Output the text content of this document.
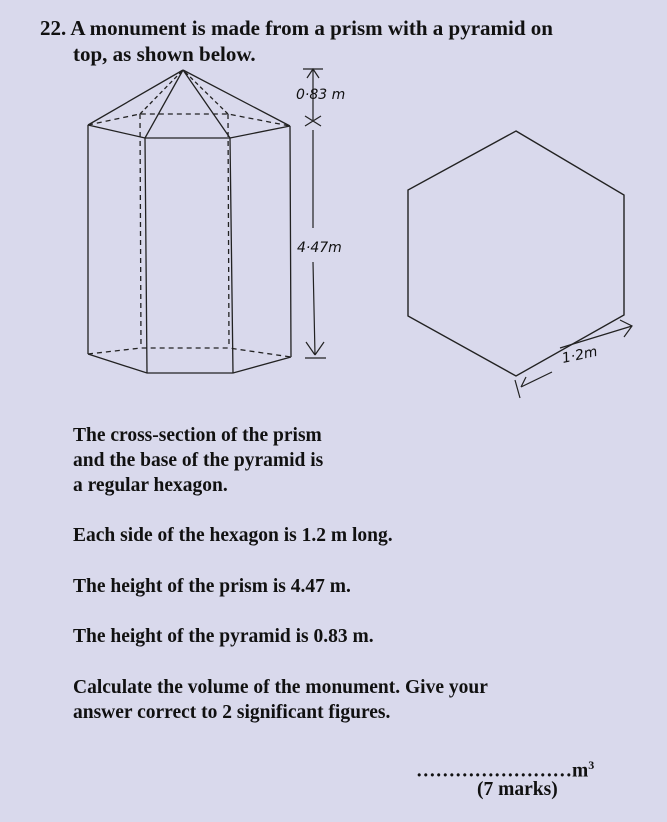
22. A monument is made from a prism with a pyramid on
top, as shown below.
0·83 m
4·47m
1·2m
The cross-section of the prism
and the base of the pyramid is
a regular hexagon.
Each side of the hexagon is 1.2 m long.
The height of the prism is 4.47 m.
The height of the pyramid is 0.83 m.
Calculate the volume of the monument. Give your
answer correct to 2 significant figures.
$\dots\dots\dots\dots\dots\dots\dots\dots m^3$
(7 marks)
